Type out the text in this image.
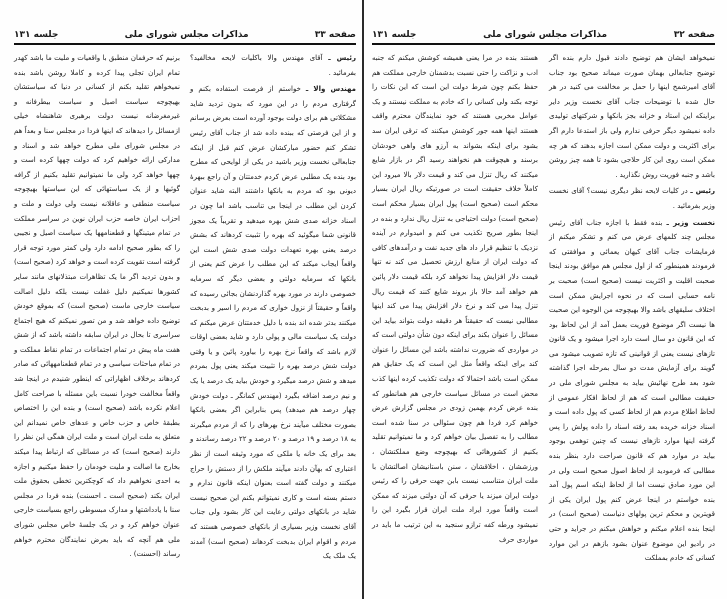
صفحه ۳۳
مذاکرات مجلس شورای ملی
جلسه ۱۳۱

رئیس ـ آقای مهندس والا باکلیات لایحه مخالفید؟ بفرمائید .

مهندس والا ـ خواستم از فرصت استفاده بکنم و گرفتاری مردم را در این مورد که بدون تردید شاید مشکلاتی هم برای دولت بوجود آورده است بعرض برسانم و از این فرصتی که ببنده داده شد از جناب آقای رئیس تشکر کنم حضور مبارکشان عرض کنم قبل از اینکه جنابعالی نخست وزیر باشید در یکی از لوایحی که مطرح بود بنده یک مطلبی عرض کردم خدمتتان و آن راجع ببهرهٔ دیونی بود که مردم به بانکها داشتند البته شاید عنوان کردن این مطلب در اینجا بی تناسب باشد اما چون در اسناد خزانه صدی شش بهره میدهید و تقریباً یک مجوز قانونی شما میگوئید که بهره را تثبیت کردهاند که بشش درصد یعنی بهره تعهدات دولت صدی شش است این واقعاً ایجاب میکند که این مطلب را عرض کنم یعنی از بانکها که سرمایه دولتی و بعضی دیگر که سرمایه خصوصی دارند در مورد بهره گذاردنشان بجائی رسیده که واقعاً و حقیقتاً از نزول خواری که مردم را اسیر و بدبخت میکنند بدتر شده اند بنده با دلیل خدمتتان عرض میکنم که دولت یک سیاست مالی و پولی دارد و شاید بعضی اوقات لازم باشد که واقعاً نرخ بهره را بیاورد پائین و یا وقتی دولت شش درصد بهره را تثبیت میکند یعنی پول بمردم میدهد و شش درصد میگیرد و خودش بیاید یک درصد یا یک و نیم درصد اضافه بگیرد (مهندس کمانگر ـ دولت خودش چهار درصد هم میدهد) پس بنابراین اگر بعضی بانکها بصورت مختلف میآیند نرخ بهرهای را که از مردم میگیرند به ۱۸ درصد و ۱۹ درصد و ۲۰ درصد و ۲۲ درصد رساندند و بعد برای یک خانه یا ملکی که مورد وثیقه است از نظر اعتباری که بهآن دادند میآیند ملکش را از دستش را حراج میکنند و دولت گفته است بعنوان اینکه قانون ندارم و دستم بسته است و کاری نمیتوانم بکنم این صحیح نیست شاید در بانکهای دولتی رعایت این کار بشود ولی جناب آقای نخست وزیر بسیاری از بانکهای خصوصی هستند که مردم و اقوام ایران بدبخت کردهاند (صحیح است) آمدند یک ملک یک

برنیم که حرفمان منطبق با واقعیات و ملیت ما باشد کهدر تمام ایران تجلی پیدا کرده و کاملا روشن باشد بنده نمیخواهم تقلید بکنم از کسانی در دنیا که سیاستشان بهیچوجه سیاست اصیل و سیاست بیطرفانه و غیرمغرضانه نیست دولت برهبری شاهنشاه خیلی ازمسائل را دیدهاند که اینها فردا در مجلس سنا و بعداً هم در مجلس شورای ملی مطرح خواهد شد و اسناد و مدارکی ارائه خواهیم کرد که دولت چهها کرده است و چهها خواهد کرد ولی ما نمیتوانیم تقلید بکنیم از گرافه گوئیها و از یک سیاستهائی که این سیاستها بهیچوجه سیاست منطقی و عاقلانه نیست ولی دولت و ملت و احزاب ایران خاصه حزب ایران نوین در سراسر مملکت در تمام میتینگها و قطعنامهها یک سیاست اصیل و نجیبی را که بطور صحیح ادامه دارد ولی کمتر مورد توجه قرار گرفته است تقویت کرده است و خواهد کرد (صحیح است) و بدون تردید اگر ما یک تظاهرات مبتذلانهای مانند سایر کشورها نمیکنیم دلیل غفلت نیست بلکه دلیل اصالت سیاست خارجی ماست (صحیح است) که بموقع خودش توضیح داده خواهد شد و من تصور نمیکنم که هیچ اجتماع سراسری تا بحال در ایران سابقه داشته باشد که از شش هفت ماه پیش در تمام اجتماعات در تمام نقاط مملکت و در تمام مباحثات سیاسی و در تمام قطعنامههائی که صادر کردهاند برخلاف اظهاراتی که اینطور شنیدم در اینجا شد واقعاً مخالفت خودرا نسبت باین مسئله با صراحت کامل اعلام نکرده باشد (صحیح است) و بنده این را اختصاص بطبقهٔ خاص و حزب خاص و عدهای خاص نمیدانم این متعلق به ملت ایران است و ملت ایران همگی این نظر را دارند (صحیح است) که در مسائلی که ارتباط پیدا میکند بخارج ما اصالت و ملیت خودمان را حفظ میکنیم و اجازه به احدی نخواهیم داد که کوچکترین تخطی بحقوق ملت ایران بکند (صحیح است ـ احسنت) بنده فردا در مجلس سنا با یادداشتها و مدارک مبسوطی راجع بسیاست خارجی عنوان خواهم کرد و در یک جلسهٔ خاص مجلس شورای ملی هم آنچه که باید بعرض نمایندگان محترم خواهم رساند (احسنت) .

صفحه ۳۲
مذاکرات مجلس شورای ملی
جلسه ۱۳۱

نمیخواهد ایشان هم توضیح دادند قبول دارم بنده اگر توضیح جنابعالی بهمان صورت میماند صحیح بود جناب آقای امیرشمخ اینها را حمل بر مخالفت می کنید در هر حال شده با توضیحات جناب آقای نخست وزیر دایر براینکه این استاد و خزانه بجز بانکها و شرکتهای تولیدی داده نمیشود دیگر حرفی ندارم ولی باز استدعا دارم اگر برای اکثریت و دولت ممکن است اجازه بدهند که هر چه ممکن است روی این کار حلاجی بشود تا همه چیز روشن باشد و جنبه فوریت روش نگذارید .

رئیس ـ در کلیات لایحه نظر دیگری نیست؟ آقای نخست وزیر بفرمائید .

نخست وزیر ـ بنده فقط با اجازه جناب آقای رئیس مجلس چند کلمهای عرض می کنم و تشکر میکنم از فرمایشات جناب آقای کیهان یعمائی و موافقتی که فرمودند همینطور که از اول مجلس هم موافق بودند اینجا صحبت اقلیت و اکثریت نیست (صحیح است) صحبت بر نامه حسابی است که در نحوه اجرایش ممکن است اختلاف سلیقهای باشد والا بهیچوجه من الوجوه این صحبت ها نیست اگر موضوع فوریت بعمل آمد از این لحاظ بود که این قانون دو سال است دارد اجرا میشود و یک قانون تازهای نیست یعنی از قوانینی که تازه تصویب میشود می گویند برای آزمایش مدت دو سال بمرحله اجرا گذاشته شود بعد طرح نهائیش بیاید به مجلس شورای ملی در حقیقت مطالبی است که هم از لحاظ افکار عمومی از لحاظ اطلاع مردم هم از لحاظ کسی که پول داده است و اسناد خزانه خریده بعد رفته اسناد را داده پولش را پس گرفته اینها موارد تازهای نیست که چنین توهمی بوجود بیاید در موارد هم که قانون صراحت دارد بنظر بنده مطالبی که فرمودید از لحاظ اصول صحیح است ولی در این مورد صادق نیست اما از لحاظ اینکه اسم پول آمد بنده خواستم در اینجا عرض کنم پول ایران یکی از قویترین و محکم ترین پولهای دنیاست (صحیح است) در اینجا بنده اعلام میکنم و خواهش میکنم در جراید و حتی در رادیو این موضوع عنوان بشود بازهم در این موارد کسانی که خادم بمملکت

هستند بنده در مرا یعنی همیشه کوشش میکنم که جنبه ادب و نزاکت را حتی نسبت بدشمنان خارجی مملکت هم حفظ بکنم چون شرط دولت این است که این نکات را توجه بکند ولی کسانی را که خادم به مملکت نیستند و یک عوامل مخربی هستند که خود نمایندگان محترم واقف هستند اینها همه جور کوشش میکنند که ترقی ایران سد بشود برای اینکه بشواند به آرزو های واهی خودشان برسند و هیچوقت هم نخواهند رسید اگر در بازار شایع میکنند که ریال تنزل می کند و قیمت دلار بالا میرود این کاملاً خلاف حقیقت است در صورتیکه ریال ایران بسیار محکم است (صحیح است) پول ایران بسیار محکم است (صحیح است) دولت احتیاجی به تنزل ریال ندارد و بنده در اینجا بطور صریح تکذیب می کنم و امیدوارم در آینده نزدیک با تنظیم قرار داد های جدید نفت و درآمدهای کافی که دولت ایران از منابع ارزش تحصیل می کند نه تنها قیمت دلار افزایش پیدا نخواهد کرد بلکه قیمت دلار پائین هم خواهد آمد حالا باز بروند شایع کنند که قیمت ریال تنزل پیدا می کند و نرخ دلار افزایش پیدا می کند اینها مطالبی نیست که حقیقتاً هر دقیقه دولت بتواند بیاید این مسائل را عنوان بکند برای اینکه دون شأن دولتی است که در مواردی که ضرورت نداشته باشد این مسائل را عنوان کند برای اینکه واقعاً مثل این است که یک حقایق هم ممکن است باشد احتمالا که دولت تکذیب کرده اینها کذب محض است در مسائل سیاست خارجی هم همانطور که بنده عرض کردم بهمین زودی در مجلس گزارش عرض خواهم کرد فردا هم چون سئوالی در سنا شده است مطالب را به تفصیل بیان خواهم کرد و ما نمیتوانیم تقلید بکنیم از کشورهائی که بهیچوجه وضع مملکتشان ، ورزششان ، اخلاقشان ، سنن باستانیشان اصالتشان با ملت ایران متناسب نیست بابن جهت حرفی را که رئیس دولت ایران میزند یا حرفی که آن دولتی میزند که ممکن است واقعاً مورد ایراد ملت ایران قرار بگیرد این را نمیشود ورطه کفه ترازو سنجید به این ترتیب ما باید در مواردی حرف
